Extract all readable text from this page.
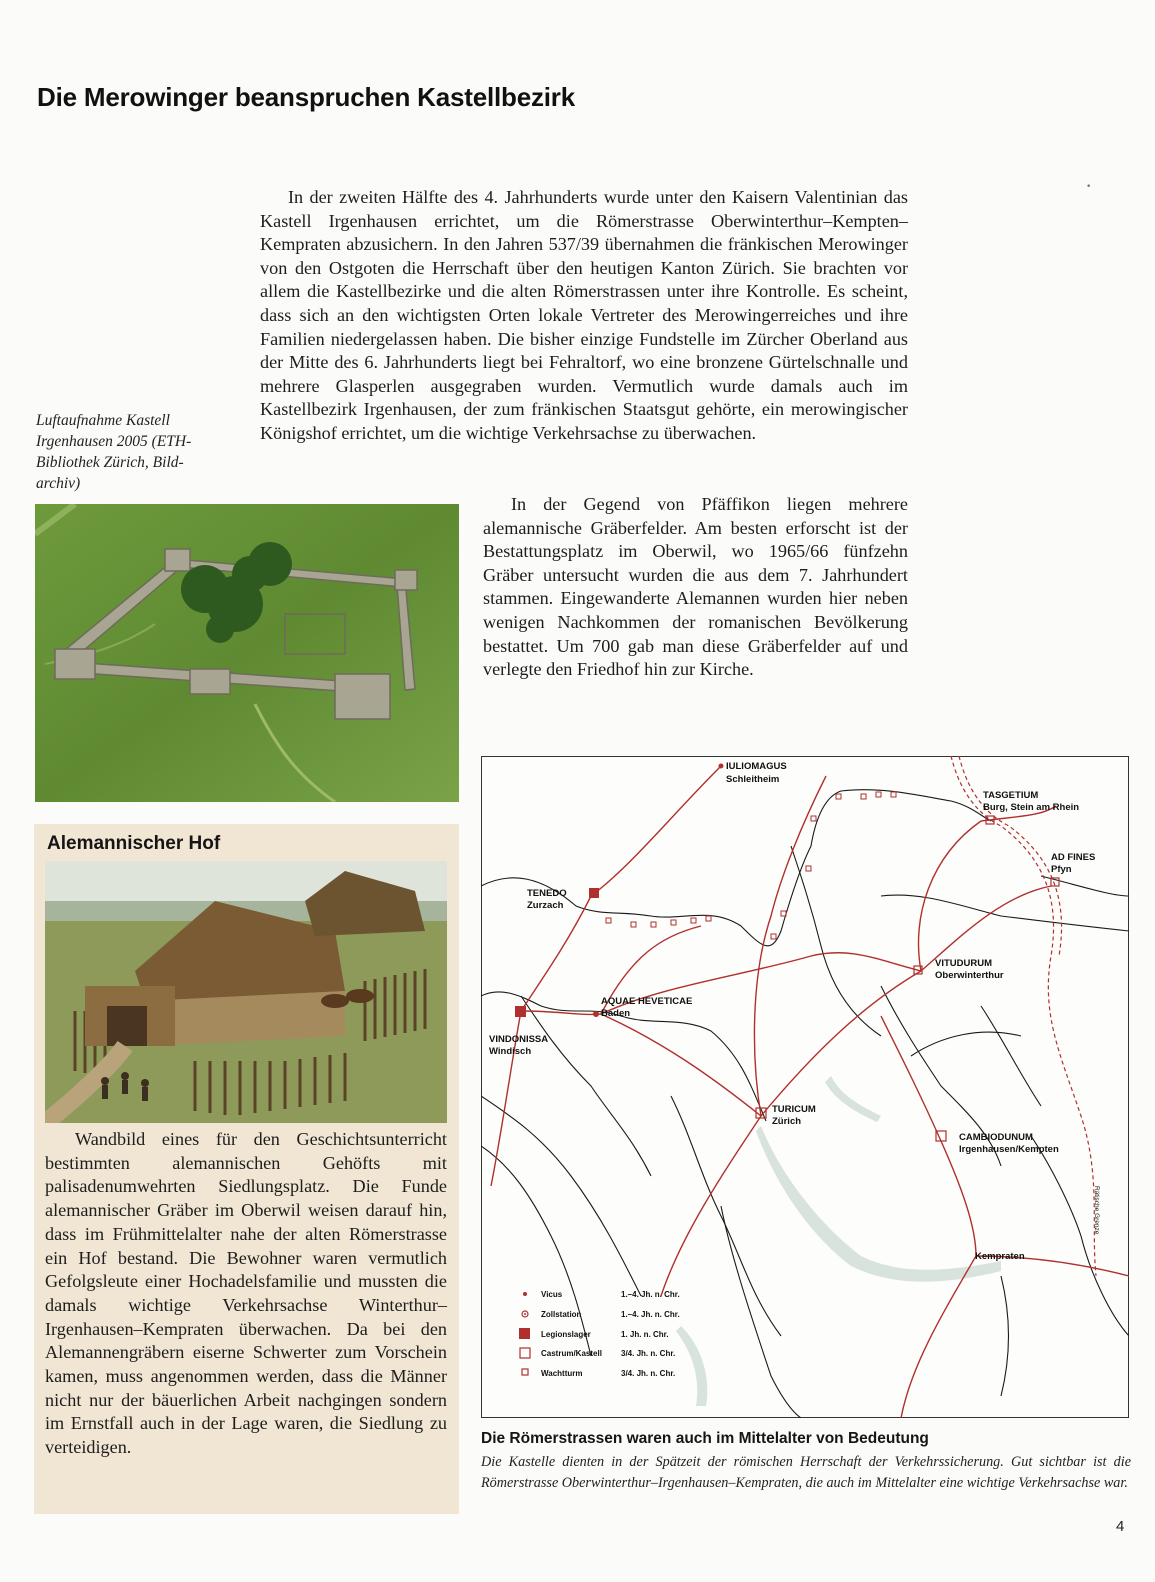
Die Merowinger beanspruchen Kastellbezirk
•
Luftaufnahme Kastell Irgenhausen 2005 (ETH-Bibliothek Zürich, Bild-archiv)

In der zweiten Hälfte des 4. Jahrhunderts wurde unter den Kaisern Valentinian das Kastell Irgenhausen errichtet, um die Römerstrasse Oberwinterthur–Kempten–Kempraten abzusichern. In den Jahren 537/39 übernahmen die fränkischen Merowinger von den Ostgoten die Herrschaft über den heutigen Kanton Zürich. Sie brachten vor allem die Kastellbezirke und die alten Römerstrassen unter ihre Kontrolle. Es scheint, dass sich an den wichtigsten Orten lokale Vertreter des Merowingerreiches und ihre Familien niedergelassen haben. Die bisher einzige Fundstelle im Zürcher Oberland aus der Mitte des 6. Jahrhunderts liegt bei Fehraltorf, wo eine bronzene Gürtelschnalle und mehrere Glasperlen ausgegraben wurden. Vermutlich wurde damals auch im Kastellbezirk Irgenhausen, der zum fränkischen Staatsgut gehörte, ein merowingischer Königshof errichtet, um die wichtige Verkehrsachse zu überwachen.

In der Gegend von Pfäffikon liegen mehrere alemannische Gräberfelder. Am besten erforscht ist der Bestattungsplatz im Oberwil, wo 1965/66 fünfzehn Gräber untersucht wurden die aus dem 7. Jahrhundert stammen. Eingewanderte Alemannen wurden hier neben wenigen Nachkommen der romanischen Bevölkerung bestattet. Um 700 gab man diese Gräberfelder auf und verlegte den Friedhof hin zur Kirche.

Alemannischer Hof

Wandbild eines für den Geschichtsunterricht bestimmten alemannischen Gehöfts mit palisadenumwehrten Siedlungsplatz. Die Funde alemannischer Gräber im Oberwil weisen darauf hin, dass im Frühmittelalter nahe der alten Römerstrasse ein Hof bestand. Die Bewohner waren vermutlich Gefolgsleute einer Hochadelsfamilie und mussten die damals wichtige Verkehrsachse Winterthur–Irgenhausen–Kempraten überwachen. Da bei den Alemannengräbern eiserne Schwerter zum Vorschein kamen, muss angenommen werden, dass die Männer nicht nur der bäuerlichen Arbeit nachgingen sondern im Ernstfall auch in der Lage waren, die Siedlung zu verteidigen.

IULIOMAGUS
Schleitheim
TASGETIUM
Burg, Stein am Rhein
AD FINES
Pfyn
TENEDO
Zurzach
VITUDURUM
Oberwinterthur
AQUAE HEVETICAE
Baden
VINDONISSA
Windisch
TURICUM
Zürich
CAMBIODUNUM
Irgenhausen/Kempten
Kempraten
Rätische Grenze
Vicus	1.–4. Jh. n. Chr.
Zollstation	1.–4. Jh. n. Chr.
Legionslager	1. Jh. n. Chr.
Castrum/Kastell 3/4. Jh. n. Chr.
Wachtturm	3/4. Jh. n. Chr.
Die Römerstrassen waren auch im Mittelalter von Bedeutung

Die Kastelle dienten in der Spätzeit der römischen Herrschaft der Verkehrssicherung. Gut sichtbar ist die Römerstrasse Oberwinterthur–Irgenhausen–Kempraten, die auch im Mittelalter eine wichtige Verkehrsachse war.

4
